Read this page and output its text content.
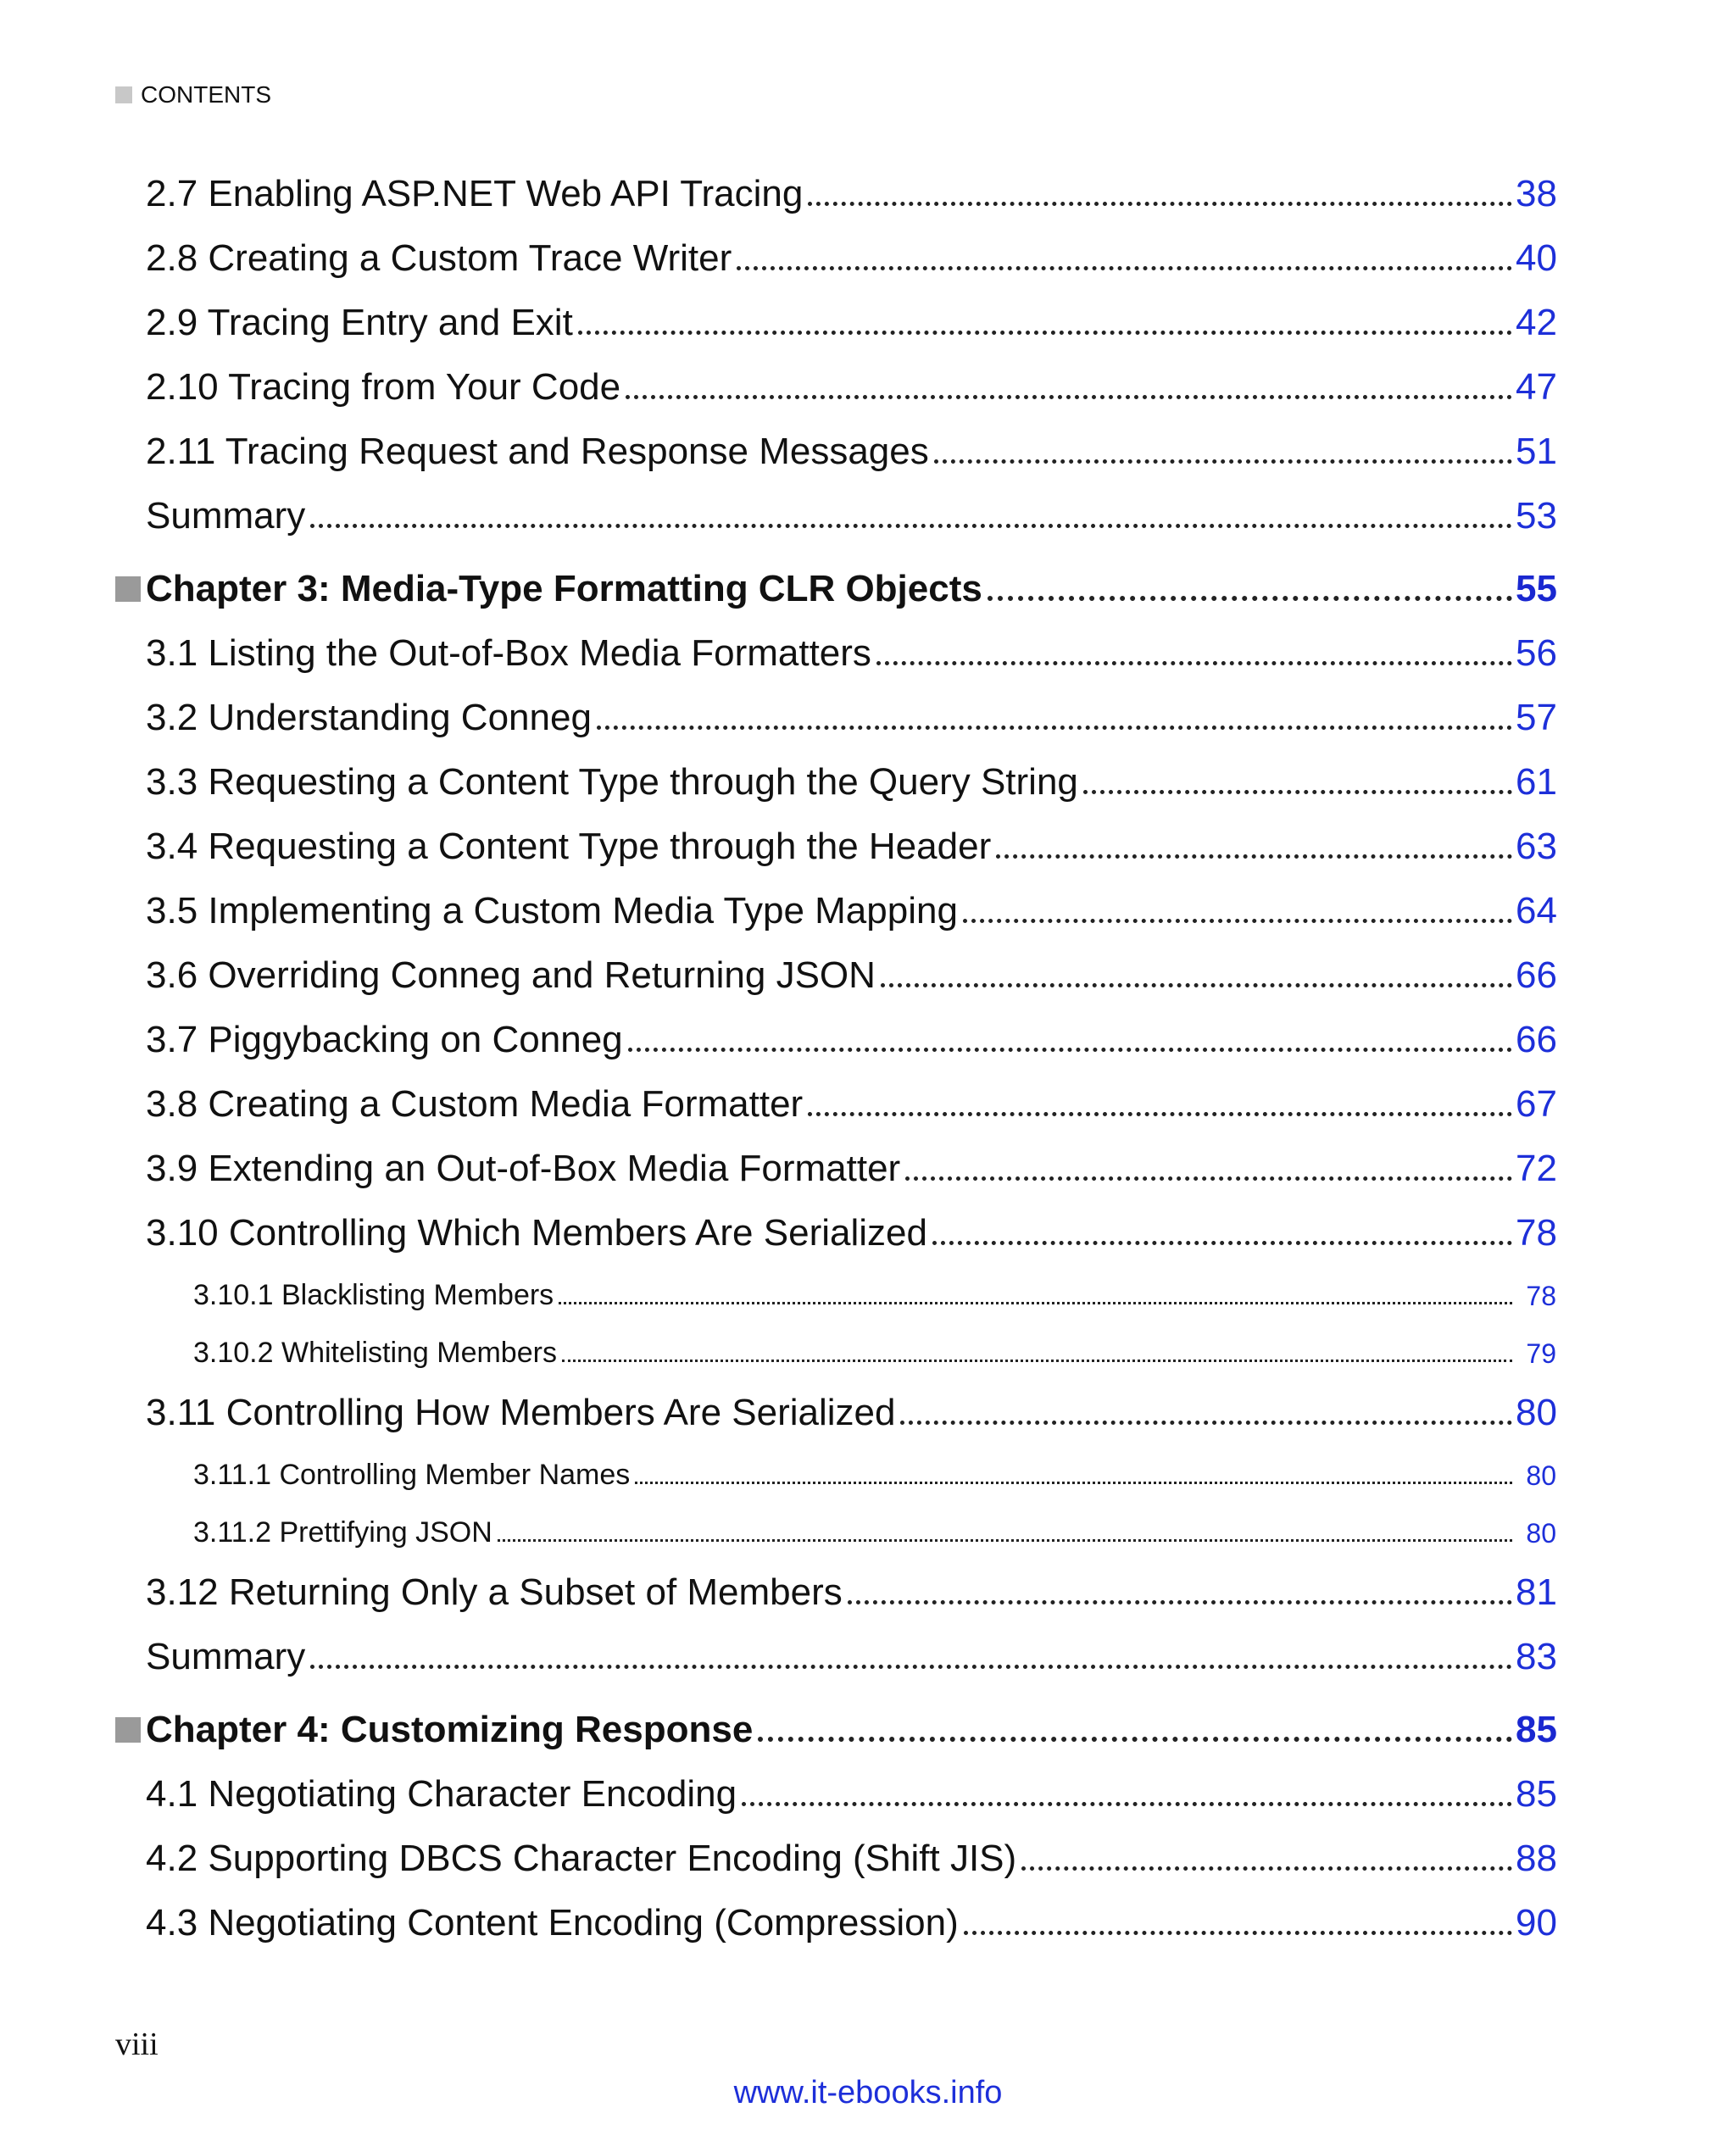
CONTENTS
2.7 Enabling ASP.NET Web API Tracing	38
2.8 Creating a Custom Trace Writer	40
2.9 Tracing Entry and Exit	42
2.10 Tracing from Your Code	47
2.11 Tracing Request and Response Messages	51
Summary	53
Chapter 3: Media-Type Formatting CLR Objects	55
3.1 Listing the Out-of-Box Media Formatters	56
3.2 Understanding Conneg	57
3.3 Requesting a Content Type through the Query String	61
3.4 Requesting a Content Type through the Header	63
3.5 Implementing a Custom Media Type Mapping	64
3.6 Overriding Conneg and Returning JSON	66
3.7 Piggybacking on Conneg	66
3.8 Creating a Custom Media Formatter	67
3.9 Extending an Out-of-Box Media Formatter	72
3.10 Controlling Which Members Are Serialized	78
3.10.1 Blacklisting Members	78
3.10.2 Whitelisting Members	79
3.11 Controlling How Members Are Serialized	80
3.11.1 Controlling Member Names	80
3.11.2 Prettifying JSON	80
3.12 Returning Only a Subset of Members	81
Summary	83
Chapter 4: Customizing Response	85
4.1 Negotiating Character Encoding	85
4.2 Supporting DBCS Character Encoding (Shift JIS)	88
4.3 Negotiating Content Encoding (Compression)	90
viii
www.it-ebooks.info
